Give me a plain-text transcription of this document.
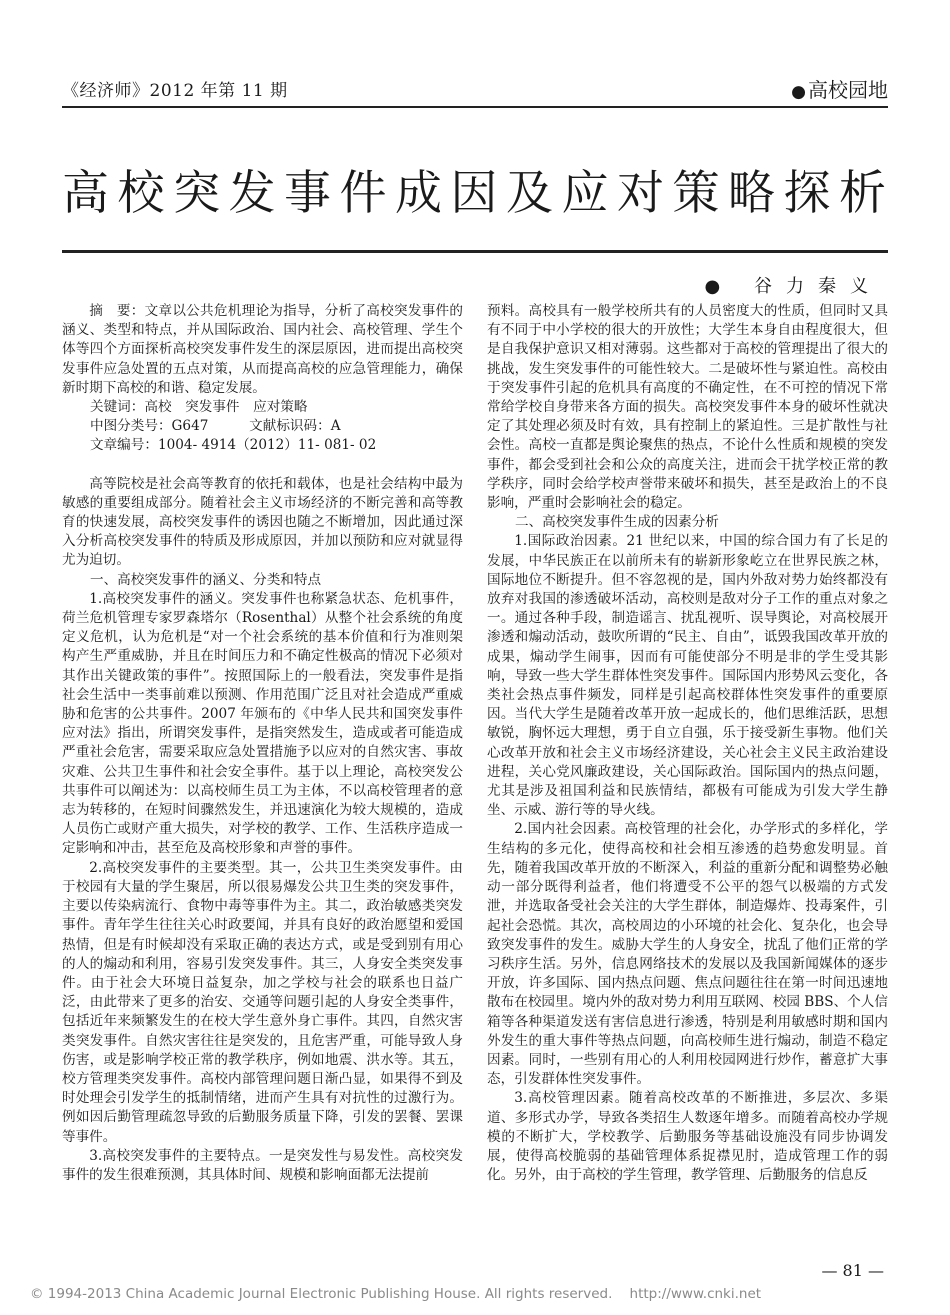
《经济师》2012 年第 11 期	● 高校园地
高校突发事件成因及应对策略探析
● 谷力秦义

摘　要：文章以公共危机理论为指导，分析了高校突发事件的涵义、类型和特点，并从国际政治、国内社会、高校管理、学生个体等四个方面探析高校突发事件发生的深层原因，进而提出高校突发事件应急处置的五点对策，从而提高高校的应急管理能力，确保新时期下高校的和谐、稳定发展。

关键词：高校　突发事件　应对策略

中图分类号：G647　　　文献标识码：A

文章编号：1004- 4914（2012）11- 081- 02

高等院校是社会高等教育的依托和载体，也是社会结构中最为敏感的重要组成部分。随着社会主义市场经济的不断完善和高等教育的快速发展，高校突发事件的诱因也随之不断增加，因此通过深入分析高校突发事件的特质及形成原因，并加以预防和应对就显得尤为迫切。

一、高校突发事件的涵义、分类和特点

1.高校突发事件的涵义。突发事件也称紧急状态、危机事件，荷兰危机管理专家罗森塔尔（Rosenthal）从整个社会系统的角度定义危机，认为危机是“对一个社会系统的基本价值和行为准则架构产生严重威胁，并且在时间压力和不确定性极高的情况下必须对其作出关键政策的事件”。按照国际上的一般看法，突发事件是指社会生活中一类事前难以预测、作用范围广泛且对社会造成严重威胁和危害的公共事件。2007 年颁布的《中华人民共和国突发事件应对法》指出，所谓突发事件，是指突然发生，造成或者可能造成严重社会危害，需要采取应急处置措施予以应对的自然灾害、事故灾难、公共卫生事件和社会安全事件。基于以上理论，高校突发公共事件可以阐述为：以高校师生员工为主体，不以高校管理者的意志为转移的，在短时间骤然发生，并迅速演化为较大规模的，造成人员伤亡或财产重大损失，对学校的教学、工作、生活秩序造成一定影响和冲击，甚至危及高校形象和声誉的事件。

2.高校突发事件的主要类型。其一，公共卫生类突发事件。由于校园有大量的学生聚居，所以很易爆发公共卫生类的突发事件，主要以传染病流行、食物中毒等事件为主。其二，政治敏感类突发事件。青年学生往往关心时政要闻，并具有良好的政治愿望和爱国热情，但是有时候却没有采取正确的表达方式，或是受到别有用心的人的煽动和利用，容易引发突发事件。其三，人身安全类突发事件。由于社会大环境日益复杂，加之学校与社会的联系也日益广泛，由此带来了更多的治安、交通等问题引起的人身安全类事件，包括近年来频繁发生的在校大学生意外身亡事件。其四，自然灾害类突发事件。自然灾害往往是突发的，且危害严重，可能导致人身伤害，或是影响学校正常的教学秩序，例如地震、洪水等。其五，校方管理类突发事件。高校内部管理问题日渐凸显，如果得不到及时处理会引发学生的抵制情绪，进而产生具有对抗性的过激行为。例如因后勤管理疏忽导致的后勤服务质量下降，引发的罢餐、罢课等事件。

3.高校突发事件的主要特点。一是突发性与易发性。高校突发事件的发生很难预测，其具体时间、规模和影响面都无法提前

预料。高校具有一般学校所共有的人员密度大的性质，但同时又具有不同于中小学校的很大的开放性；大学生本身自由程度很大，但是自我保护意识又相对薄弱。这些都对于高校的管理提出了很大的挑战，发生突发事件的可能性较大。二是破坏性与紧迫性。高校由于突发事件引起的危机具有高度的不确定性，在不可控的情况下常常给学校自身带来各方面的损失。高校突发事件本身的破坏性就决定了其处理必须及时有效，具有控制上的紧迫性。三是扩散性与社会性。高校一直都是舆论聚焦的热点，不论什么性质和规模的突发事件，都会受到社会和公众的高度关注，进而会干扰学校正常的教学秩序，同时会给学校声誉带来破坏和损失，甚至是政治上的不良影响，严重时会影响社会的稳定。

二、高校突发事件生成的因素分析

1.国际政治因素。21 世纪以来，中国的综合国力有了长足的发展，中华民族正在以前所未有的崭新形象屹立在世界民族之林，国际地位不断提升。但不容忽视的是，国内外敌对势力始终都没有放弃对我国的渗透破坏活动，高校则是敌对分子工作的重点对象之一。通过各种手段，制造谣言、扰乱视听、误导舆论，对高校展开渗透和煽动活动，鼓吹所谓的“民主、自由”，诋毁我国改革开放的成果，煽动学生闹事，因而有可能使部分不明是非的学生受其影响，导致一些大学生群体性突发事件。国际国内形势风云变化，各类社会热点事件频发，同样是引起高校群体性突发事件的重要原因。当代大学生是随着改革开放一起成长的，他们思维活跃，思想敏锐，胸怀远大理想，勇于自立自强，乐于接受新生事物。他们关心改革开放和社会主义市场经济建设，关心社会主义民主政治建设进程，关心党风廉政建设，关心国际政治。国际国内的热点问题，尤其是涉及祖国利益和民族情结，都极有可能成为引发大学生静坐、示威、游行等的导火线。

2.国内社会因素。高校管理的社会化，办学形式的多样化，学生结构的多元化，使得高校和社会相互渗透的趋势愈发明显。首先，随着我国改革开放的不断深入，利益的重新分配和调整势必触动一部分既得利益者，他们将遭受不公平的怨气以极端的方式发泄，并选取备受社会关注的大学生群体，制造爆炸、投毒案件，引起社会恐慌。其次，高校周边的小环境的社会化、复杂化，也会导致突发事件的发生。威胁大学生的人身安全，扰乱了他们正常的学习秩序生活。另外，信息网络技术的发展以及我国新闻媒体的逐步开放，许多国际、国内热点问题、焦点问题往往在第一时间迅速地散布在校园里。境内外的敌对势力利用互联网、校园 BBS、个人信箱等各种渠道发送有害信息进行渗透，特别是利用敏感时期和国内外发生的重大事件等热点问题，向高校师生进行煽动，制造不稳定因素。同时，一些别有用心的人利用校园网进行炒作，蓄意扩大事态，引发群体性突发事件。

3.高校管理因素。随着高校改革的不断推进，多层次、多渠道、多形式办学，导致各类招生人数逐年增多。而随着高校办学规模的不断扩大，学校教学、后勤服务等基础设施没有同步协调发展，使得高校脆弱的基础管理体系捉襟见肘，造成管理工作的弱化。另外，由于高校的学生管理，教学管理、后勤服务的信息反

— 81 —
© 1994-2013 China Academic Journal Electronic Publishing House. All rights reserved.    http://www.cnki.net
